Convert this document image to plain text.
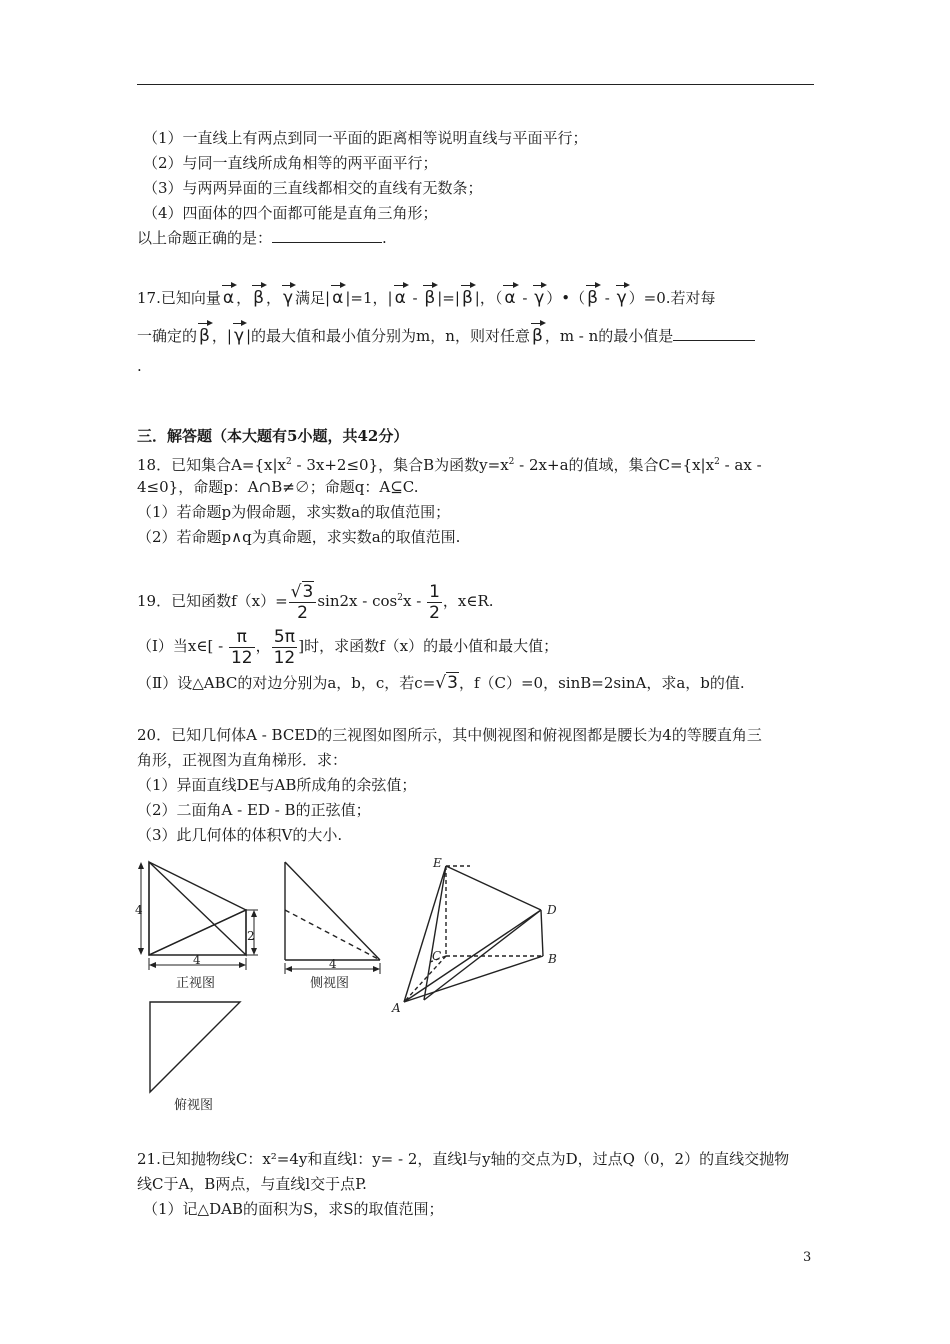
（1）一直线上有两点到同一平面的距离相等说明直线与平面平行；
（2）与同一直线所成角相等的两平面平行；
（3）与两两异面的三直线都相交的直线有无数条；
（4）四面体的四个面都可能是直角三角形；
以上命题正确的是：	.
17.已知向量 α ， β ， γ 满足| α |=1，| α - β |=| β |，（ α - γ ）•（ β - γ ）=0.若对每
一确定的 β ，| γ |的最大值和最小值分别为m，n，则对任意 β ，m - n的最小值是
.
三．解答题（本大题有5小题，共42分）
18．已知集合$A=\{x|x^2 - 3x+2\le 0\}$，集合B为函数$y=x^2 - 2x+a$的值域，集合$C=\{x|x^2$ - ax -
4≤0}，命题p：A∩B≠∅；命题q：A⊆C.
（1）若命题p为假命题，求实数a的取值范围；
（2）若命题p∧q为真命题，求实数a的取值范围.
19．已知函数$f(x)= \frac{√3}{2} \sin 2x - \cos^2x - \frac{1}{2}$ ，x∈R.
（Ⅰ）当x∈[ - $\frac{\pi}{12}$ ， $\frac{5\pi}{12}$ ]时，求函数f（x）的最小值和最大值；
（Ⅱ）设△ABC的对边分别为a，b，c，若c=√3，f（C）=0，sinB=2sinA，求a，b的值.
20．已知几何体A - BCED的三视图如图所示，其中侧视图和俯视图都是腰长为4的等腰直角三
角形，正视图为直角梯形．求：
（1）异面直线DE与AB所成角的余弦值；
（2）二面角A - ED - B的正弦值；
（3）此几何体的体积V的大小.
4
2
4	4
正视图	侧视图
俯视图
E
D
C	B
A
21.已知抛物线C：x²=4y和直线l：y= - 2，直线l与y轴的交点为D，过点Q（0，2）的直线交抛物
线C于A，B两点，与直线l交于点P.
（1）记△DAB的面积为S，求S的取值范围；
3
